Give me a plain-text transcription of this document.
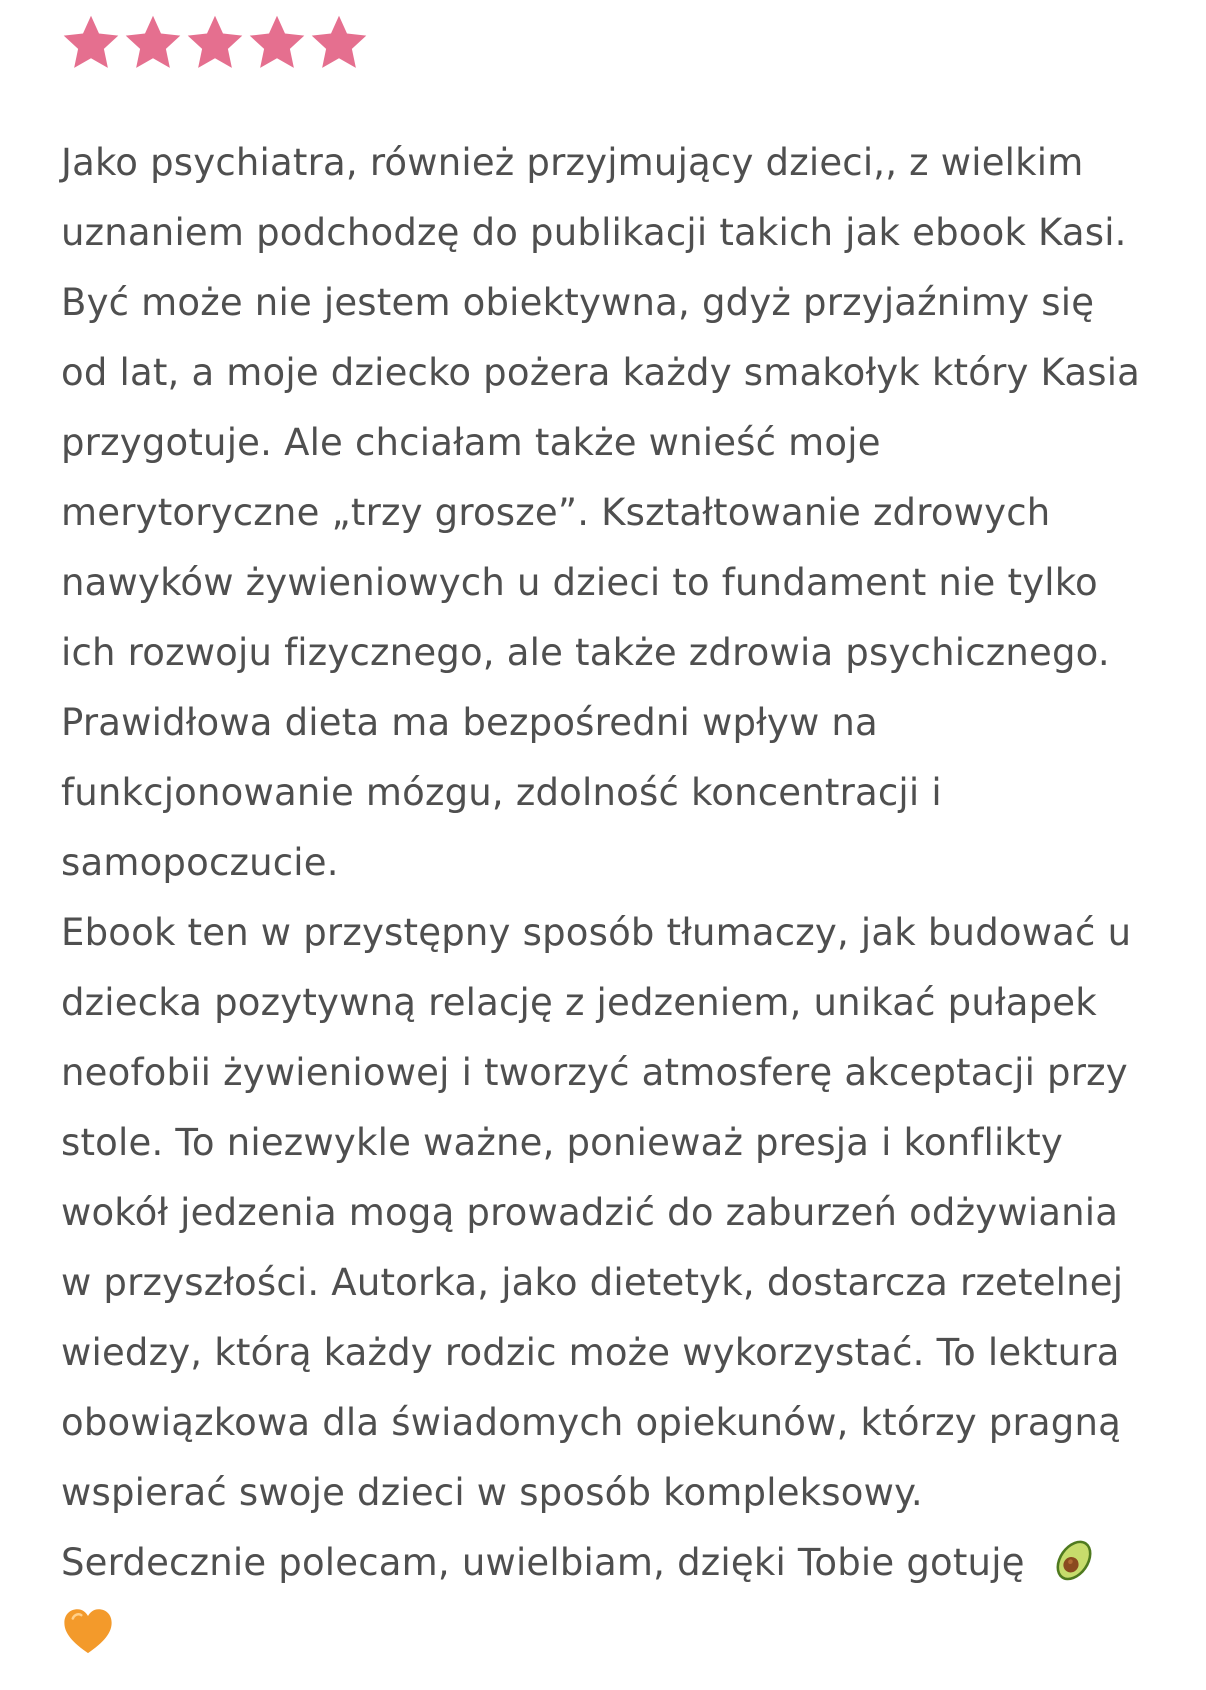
Jako psychiatra, również przyjmujący dzieci,, z wielkim
uznaniem podchodzę do publikacji takich jak ebook Kasi.
Być może nie jestem obiektywna, gdyż przyjaźnimy się
od lat, a moje dziecko pożera każdy smakołyk który Kasia
przygotuje. Ale chciałam także wnieść moje
merytoryczne „trzy grosze”. Kształtowanie zdrowych
nawyków żywieniowych u dzieci to fundament nie tylko
ich rozwoju fizycznego, ale także zdrowia psychicznego.
Prawidłowa dieta ma bezpośredni wpływ na
funkcjonowanie mózgu, zdolność koncentracji i
samopoczucie.
Ebook ten w przystępny sposób tłumaczy, jak budować u
dziecka pozytywną relację z jedzeniem, unikać pułapek
neofobii żywieniowej i tworzyć atmosferę akceptacji przy
stole. To niezwykle ważne, ponieważ presja i konflikty
wokół jedzenia mogą prowadzić do zaburzeń odżywiania
w przyszłości. Autorka, jako dietetyk, dostarcza rzetelnej
wiedzy, którą każdy rodzic może wykorzystać. To lektura
obowiązkowa dla świadomych opiekunów, którzy pragną
wspierać swoje dzieci w sposób kompleksowy.
Serdecznie polecam, uwielbiam, dzięki Tobie gotuję
